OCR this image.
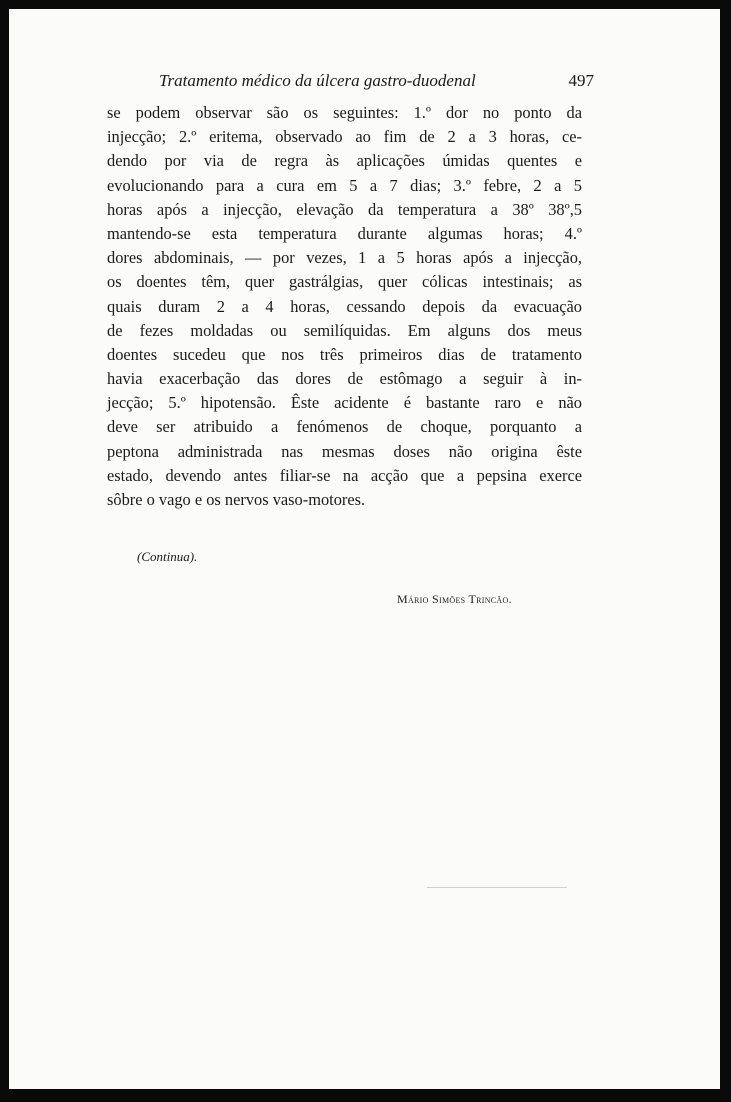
Tratamento médico da úlcera gastro-duodenal	497
se podem observar são os seguintes: 1.º dor no ponto da
injecção; 2.º eritema, observado ao fim de 2 a 3 horas, ce-
dendo por via de regra às aplicações úmidas quentes e
evolucionando para a cura em 5 a 7 dias; 3.º febre, 2 a 5
horas após a injecção, elevação da temperatura a 38º 38º,5
mantendo-se esta temperatura durante algumas horas; 4.º
dores abdominais, — por vezes, 1 a 5 horas após a injecção,
os doentes têm, quer gastrálgias, quer cólicas intestinais; as
quais duram 2 a 4 horas, cessando depois da evacuação
de fezes moldadas ou semilíquidas. Em alguns dos meus
doentes sucedeu que nos três primeiros dias de tratamento
havia exacerbação das dores de estômago a seguir à in-
jecção; 5.º hipotensão. Êste acidente é bastante raro e não
deve ser atribuido a fenómenos de choque, porquanto a
peptona administrada nas mesmas doses não origina êste
estado, devendo antes filiar-se na acção que a pepsina exerce
sôbre o vago e os nervos vaso-motores.
(Continua).
Mário Simões Trincão.
